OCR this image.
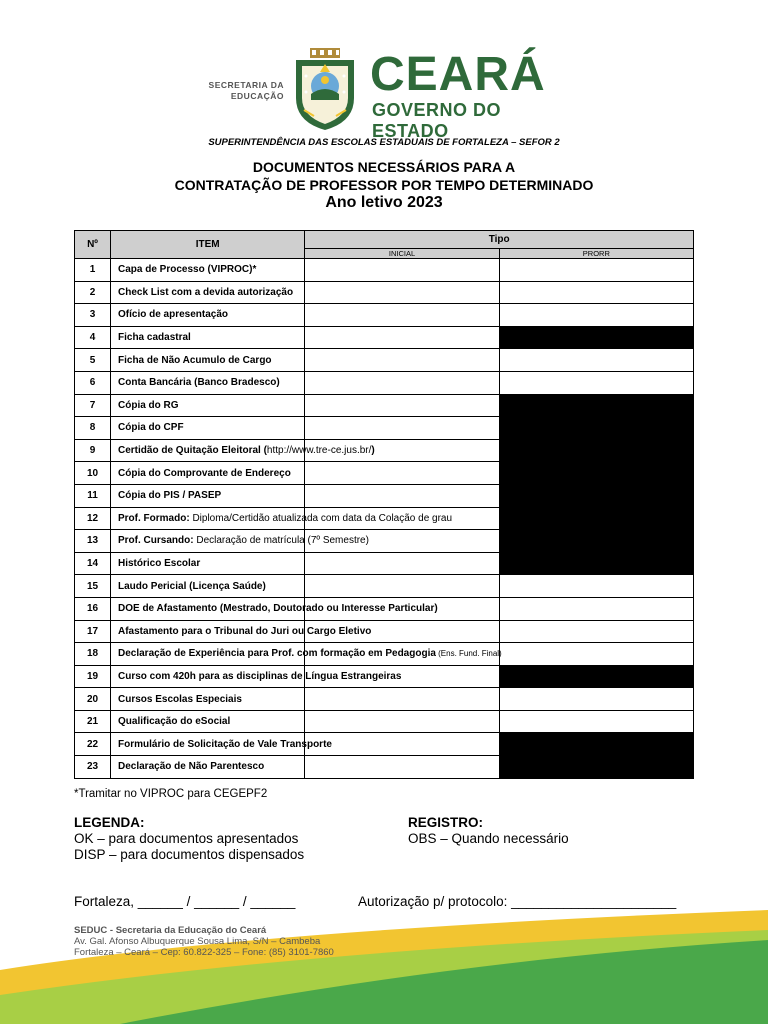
SECRETARIA DA
EDUCAÇÃO CEARÁ
GOVERNO DO ESTADO
SUPERINTENDÊNCIA DAS ESCOLAS ESTADUAIS DE FORTALEZA – SEFOR 2
DOCUMENTOS NECESSÁRIOS PARA A
CONTRATAÇÃO DE PROFESSOR POR TEMPO DETERMINADO
Ano letivo 2023
Nº	ITEM	Tipo	
		INICIAL	PRORR
1	Capa de Processo (VIPROC)*		
2	Check List com a devida autorização		
3	Ofício de apresentação		
4	Ficha cadastral		
5	Ficha de Não Acumulo de Cargo		
6	Conta Bancária (Banco Bradesco)		
7	Cópia do RG		
8	Cópia do CPF		
9	Certidão de Quitação Eleitoral (http://www.tre-ce.jus.br/)		
10	Cópia do Comprovante de Endereço		
11	Cópia do PIS / PASEP		
12	Prof. Formado: Diploma/Certidão atualizada com data da Colação de grau		
13	Prof. Cursando: Declaração de matrícula (7º Semestre)		
14	Histórico Escolar		
15	Laudo Pericial (Licença Saúde)		
16	DOE de Afastamento (Mestrado, Doutorado ou Interesse Particular)		
17	Afastamento para o Tribunal do Juri ou Cargo Eletivo		
18	Declaração de Experiência para Prof. com formação em Pedagogia (Ens. Fund. Final)		
19	Curso com 420h para as disciplinas de Língua Estrangeiras		
20	Cursos Escolas Especiais		
21	Qualificação do eSocial		
22	Formulário de Solicitação de Vale Transporte		
23	Declaração de Não Parentesco		
*Tramitar no VIPROC para CEGEPF2
LEGENDA:
OK – para documentos apresentados
DISP – para documentos dispensados
REGISTRO:
OBS – Quando necessário
Fortaleza, ______ / ______ / ______	Autorização p/ protocolo: ______________________
SEDUC - Secretaria da Educação do Ceará
Av. Gal. Afonso Albuquerque Sousa Lima, S/N – Cambeba
Fortaleza – Ceará – Cep: 60.822-325 – Fone: (85) 3101-7860
